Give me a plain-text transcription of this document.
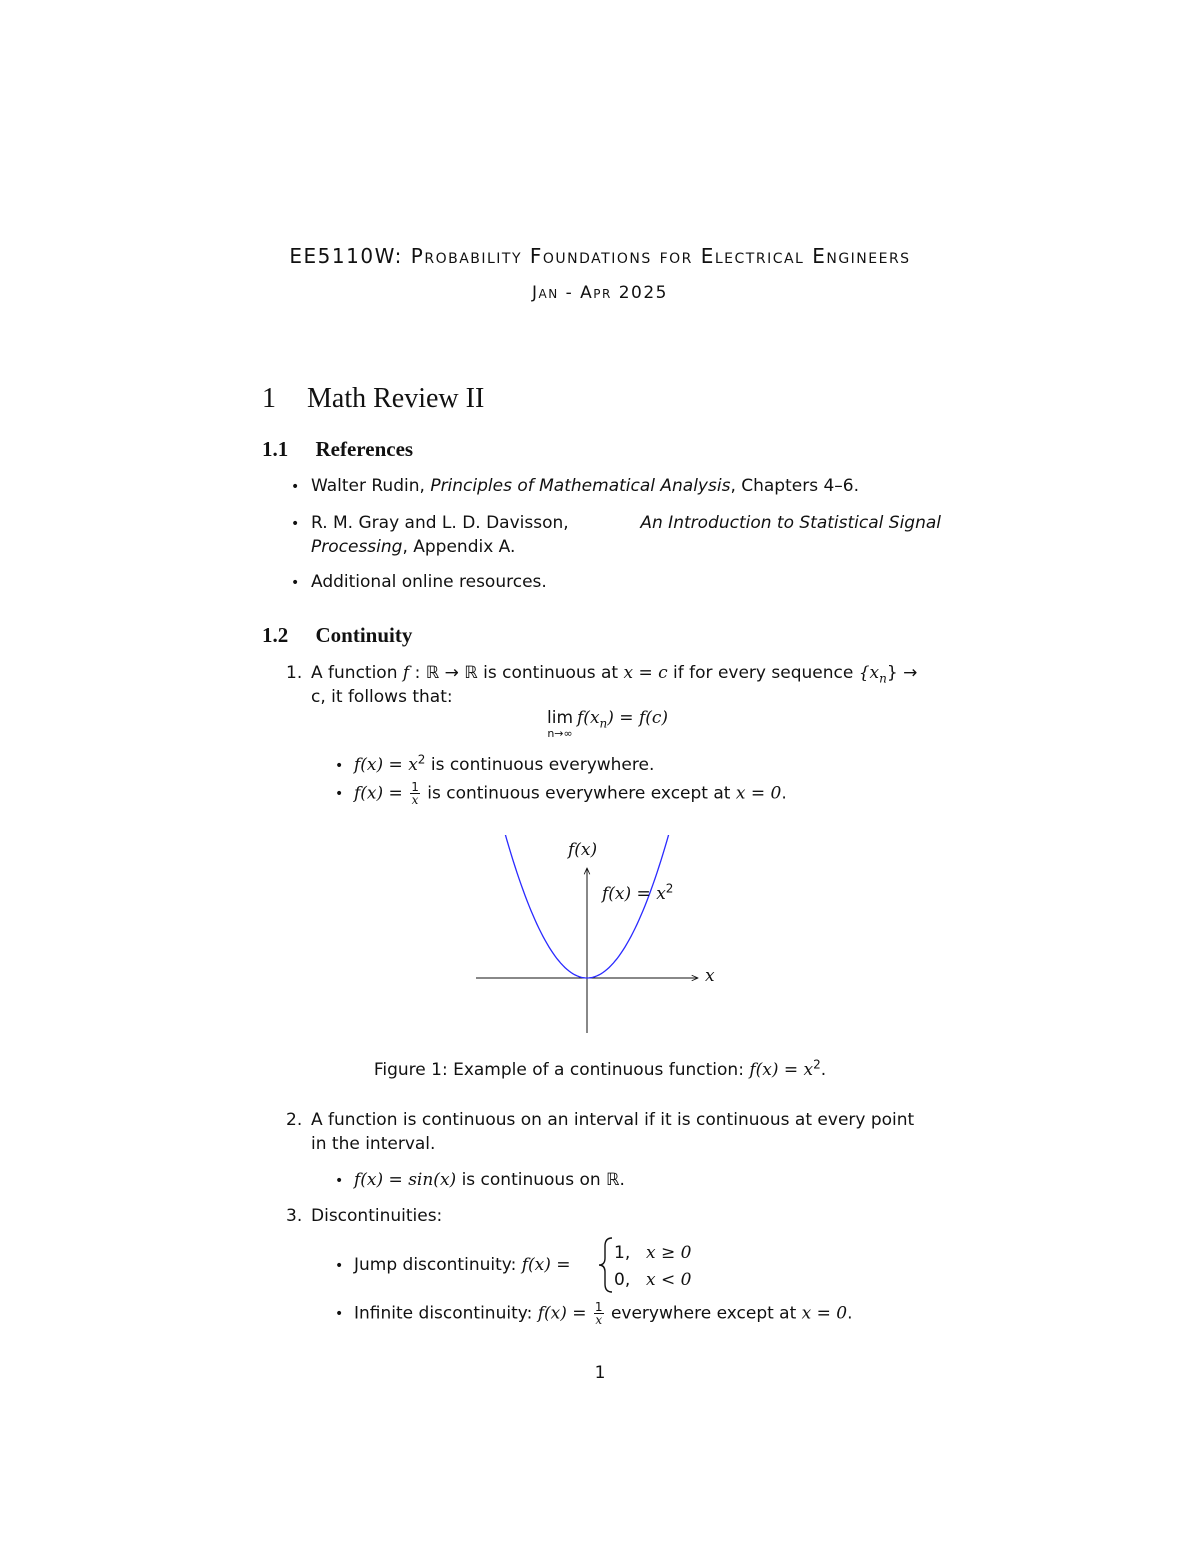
EE5110W: Probability Foundations for Electrical Engineers
Jan - Apr 2025
1 Math Review II
1.1 References
• Walter Rudin, Principles of Mathematical Analysis, Chapters 4–6.
• R. M. Gray and L. D. Davisson,	An Introduction to Statistical Signal
Processing, Appendix A.
• Additional online resources.
1.2 Continuity
1. A function f : ℝ → ℝ is continuous at x = c if for every sequence $\{x_n\}$ →
c, it follows that:
lim
n→∞
$f(x_n) = f(c)$
• $f(x) = x^2$ is continuous everywhere.
• $f(x) = \frac{1}{x}$ is continuous everywhere except at x = 0.
f(x)
x
$f(x) = x^2$
Figure 1: Example of a continuous function: $f(x) = x^2$.
2. A function is continuous on an interval if it is continuous at every point
in the interval.
• f(x) = sin(x) is continuous on ℝ.
3. Discontinuities:
• Jump discontinuity: f(x) =
1, x ≥ 0
0, x < 0
• Infinite discontinuity: $f(x) = \frac{1}{x}$ everywhere except at x = 0.
1
